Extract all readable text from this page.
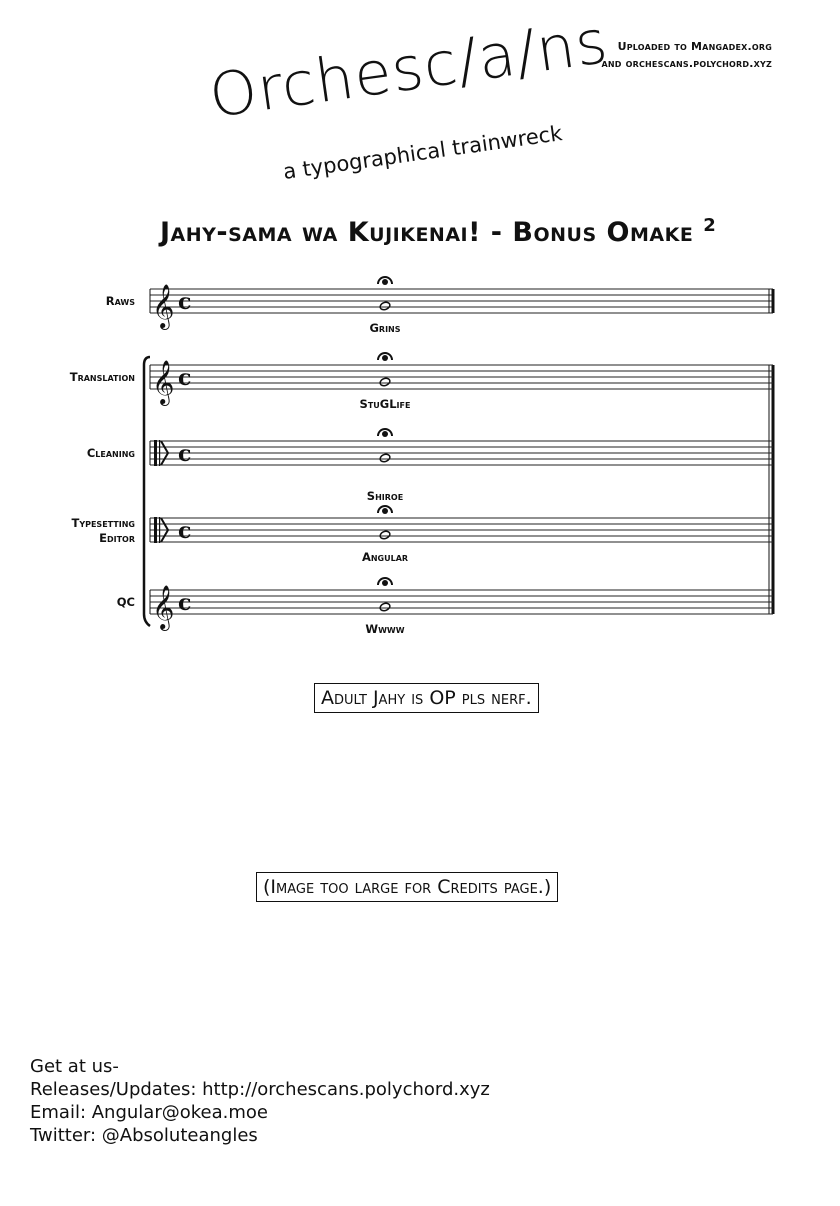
Uploaded to Mangadex.org
and orchescans.polychord.xyz
Orchesc/a/ns
a typographical trainwreck
Jahy-sama wa Kujikenai! - Bonus Omake $^2$
𝄞 c
𝄞 c
c
c
𝄞 c
Raws
Grins
Translation
StuGLife
Cleaning
Shiroe
Typesetting
Editor
Angular
QC
Wwww
Adult Jahy is OP pls nerf.
(Image too large for Credits page.)
Get at us-
Releases/Updates: http://orchescans.polychord.xyz
Email: Angular@okea.moe
Twitter: @Absoluteangles
